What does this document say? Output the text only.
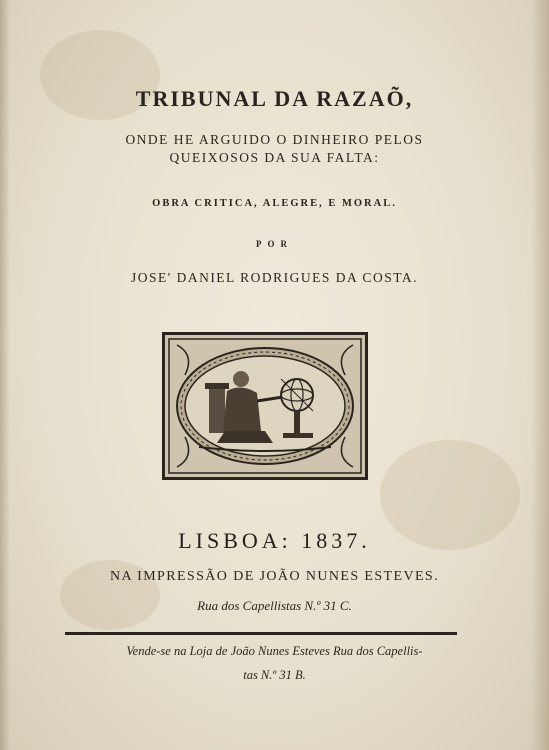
TRIBUNAL DA RAZAÕ,
ONDE HE ARGUIDO O DINHEIRO PELOS
QUEIXOSOS DA SUA FALTA:
OBRA CRITICA, ALEGRE, E MORAL.
POR
JOSE' DANIEL RODRIGUES DA COSTA.
LISBOA: 1837.
NA IMPRESSÃO DE JOÃO NUNES ESTEVES.
Rua dos Capellistas N.º 31 C.
Vende-se na Loja de João Nunes Esteves Rua dos Capellis-
tas N.º 31 B.
